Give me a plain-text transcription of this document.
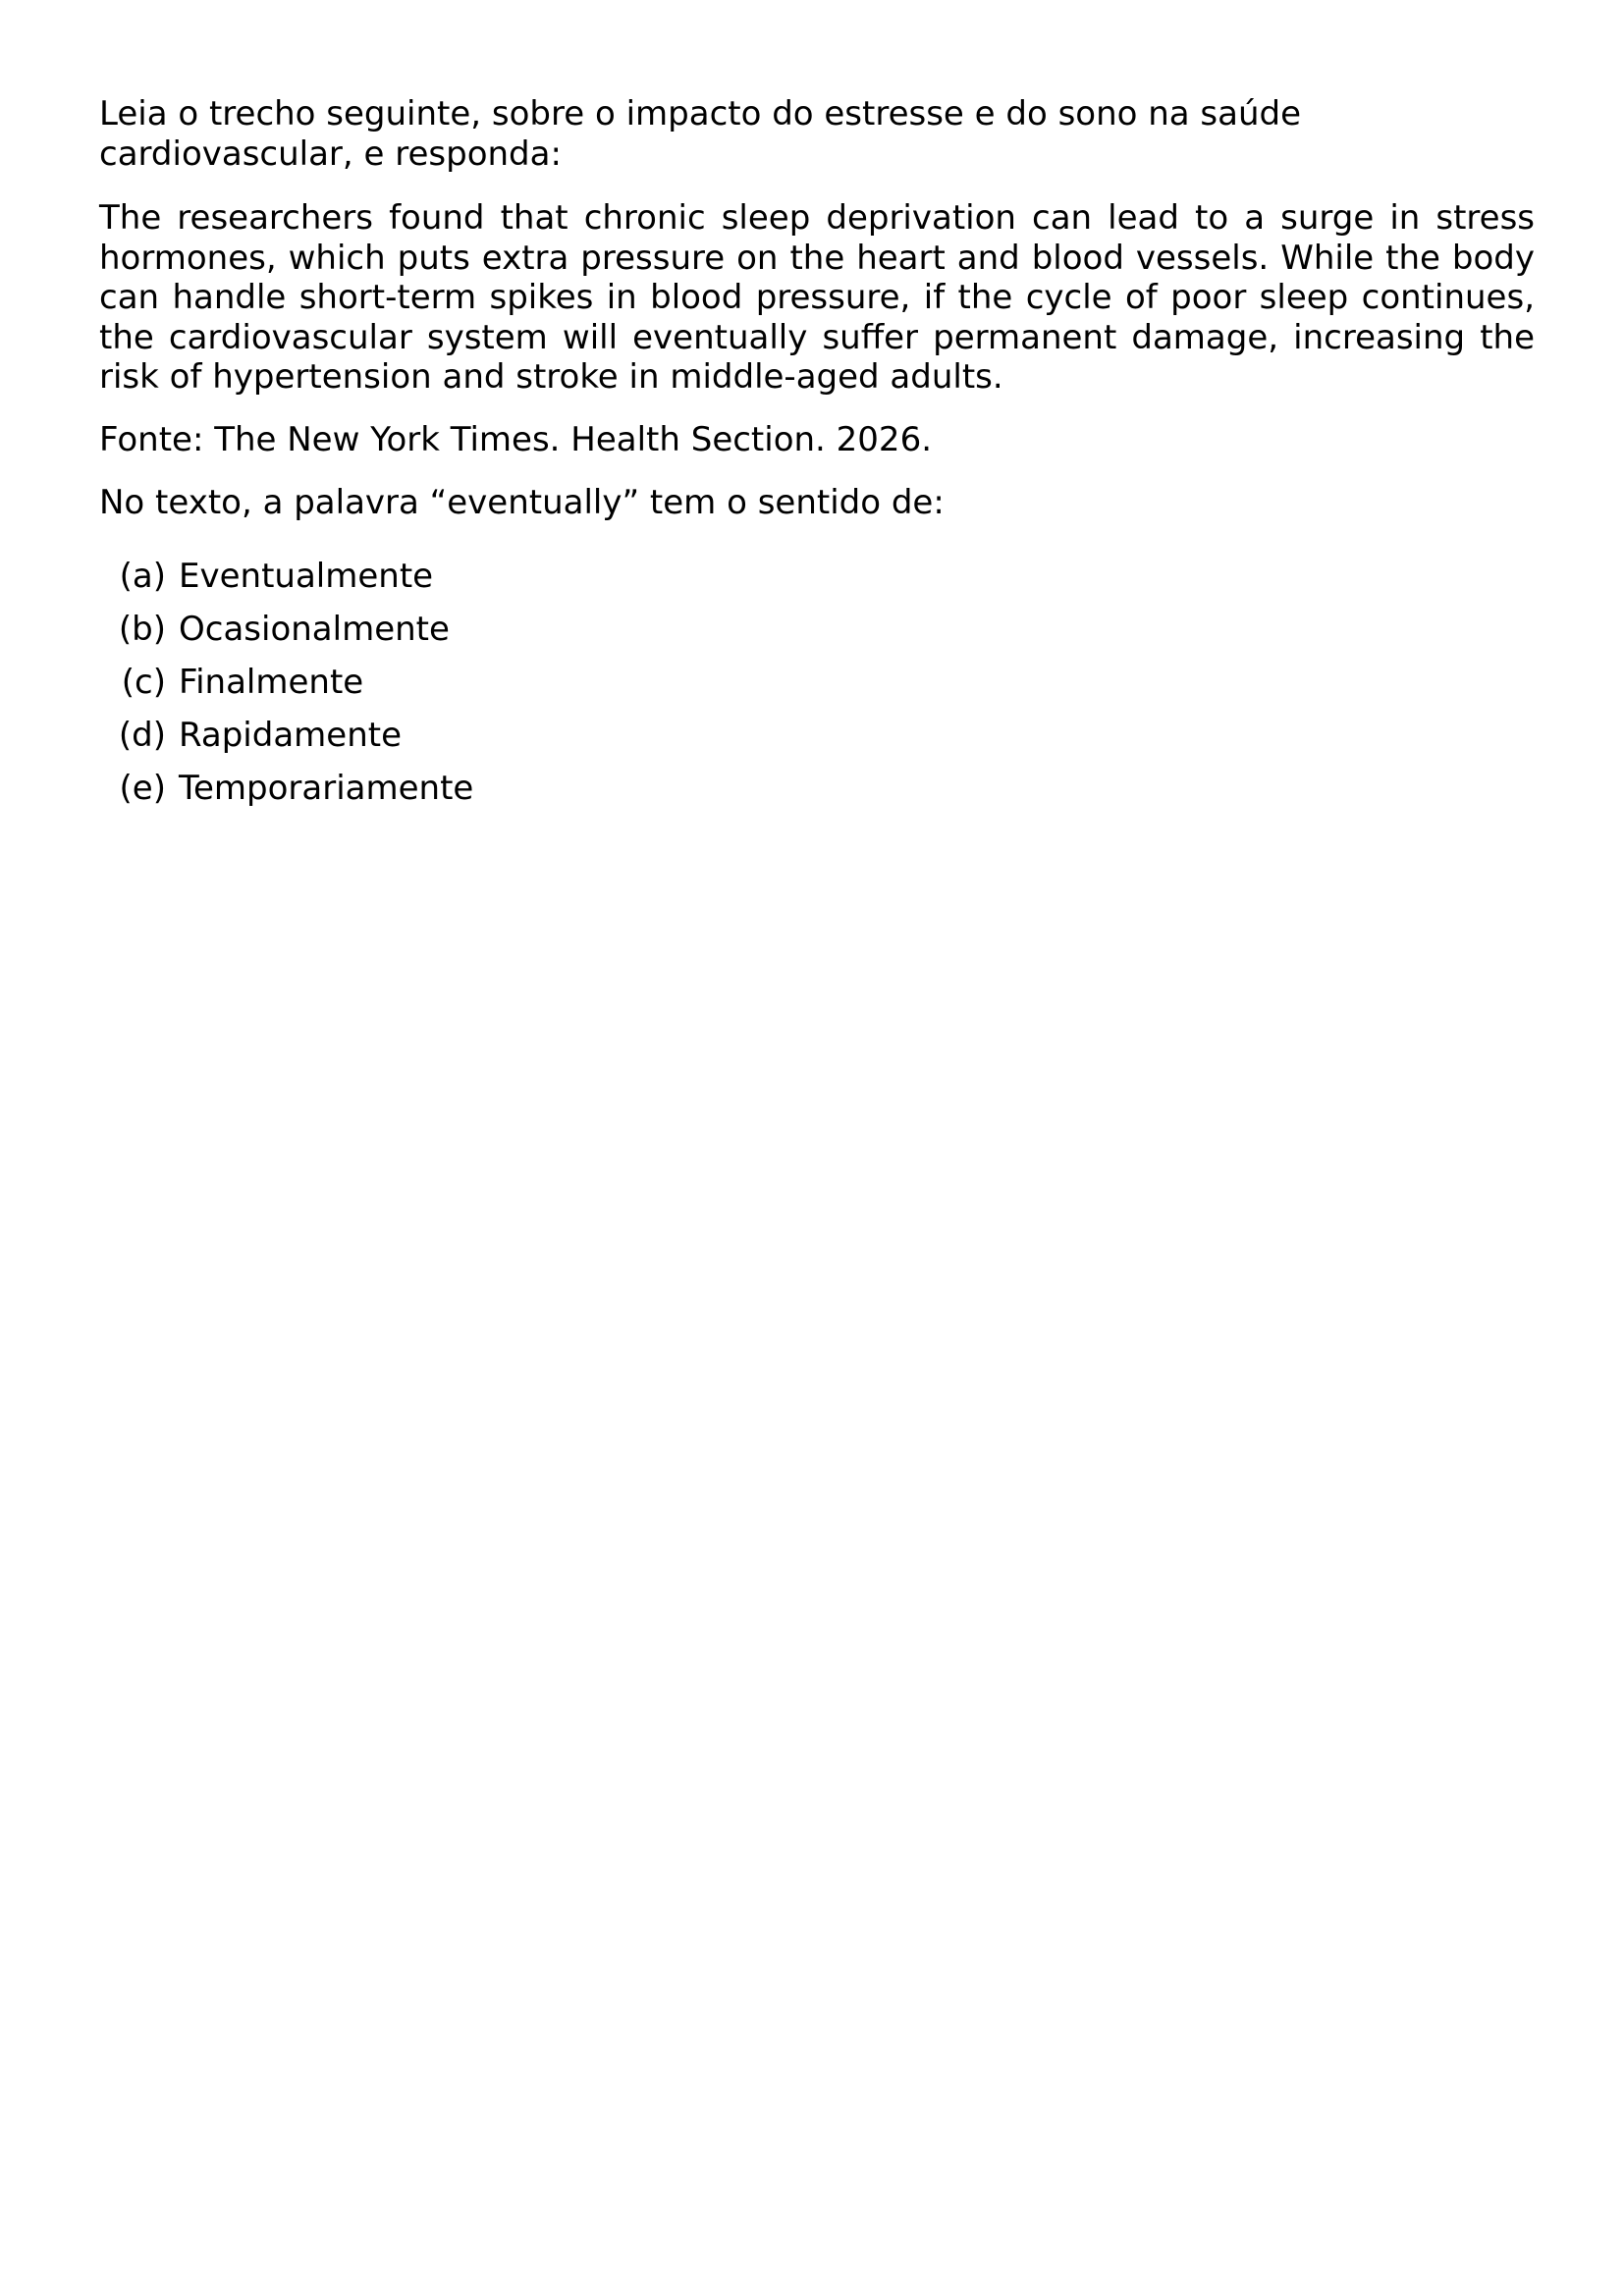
Leia o trecho seguinte, sobre o impacto do estresse e do sono na saúde cardiovascular, e responda:

The researchers found that chronic sleep deprivation can lead to a surge in stress hormones, which puts extra pressure on the heart and blood vessels. While the body can handle short-term spikes in blood pressure, if the cycle of poor sleep continues, the cardiovascular system will eventually suffer permanent damage, increasing the risk of hypertension and stroke in middle-aged adults.

Fonte: The New York Times. Health Section. 2026.

No texto, a palavra “eventually” tem o sentido de:

(a) Eventualmente
(b) Ocasionalmente
(c) Finalmente
(d) Rapidamente
(e) Temporariamente
